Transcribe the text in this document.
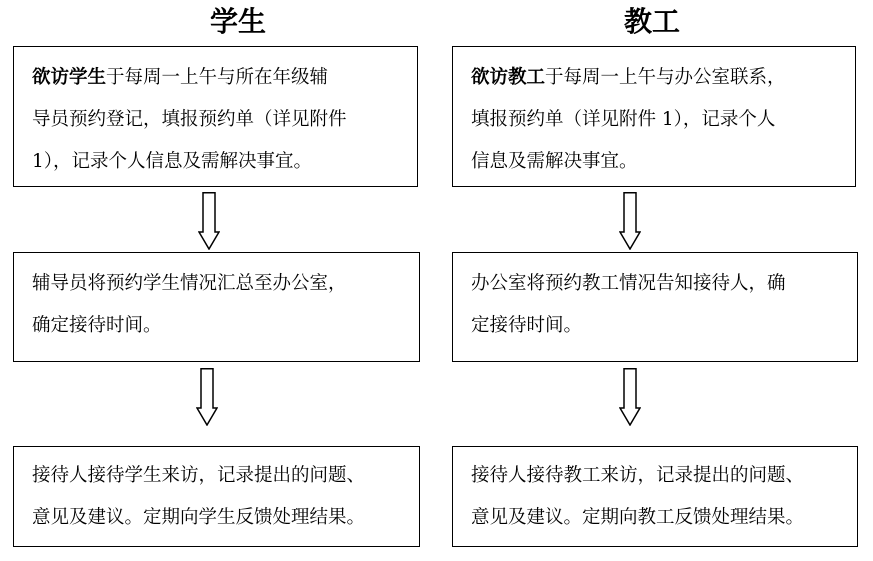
学生	教工
欲访学生于每周一上午与所在年级辅
导员预约登记，填报预约单（详见附件
1），记录个人信息及需解决事宜。
辅导员将预约学生情况汇总至办公室，
确定接待时间。
接待人接待学生来访，记录提出的问题、
意见及建议。定期向学生反馈处理结果。
欲访教工于每周一上午与办公室联系，
填报预约单（详见附件 1），记录个人
信息及需解决事宜。
办公室将预约教工情况告知接待人，确
定接待时间。
接待人接待教工来访，记录提出的问题、
意见及建议。定期向教工反馈处理结果。
